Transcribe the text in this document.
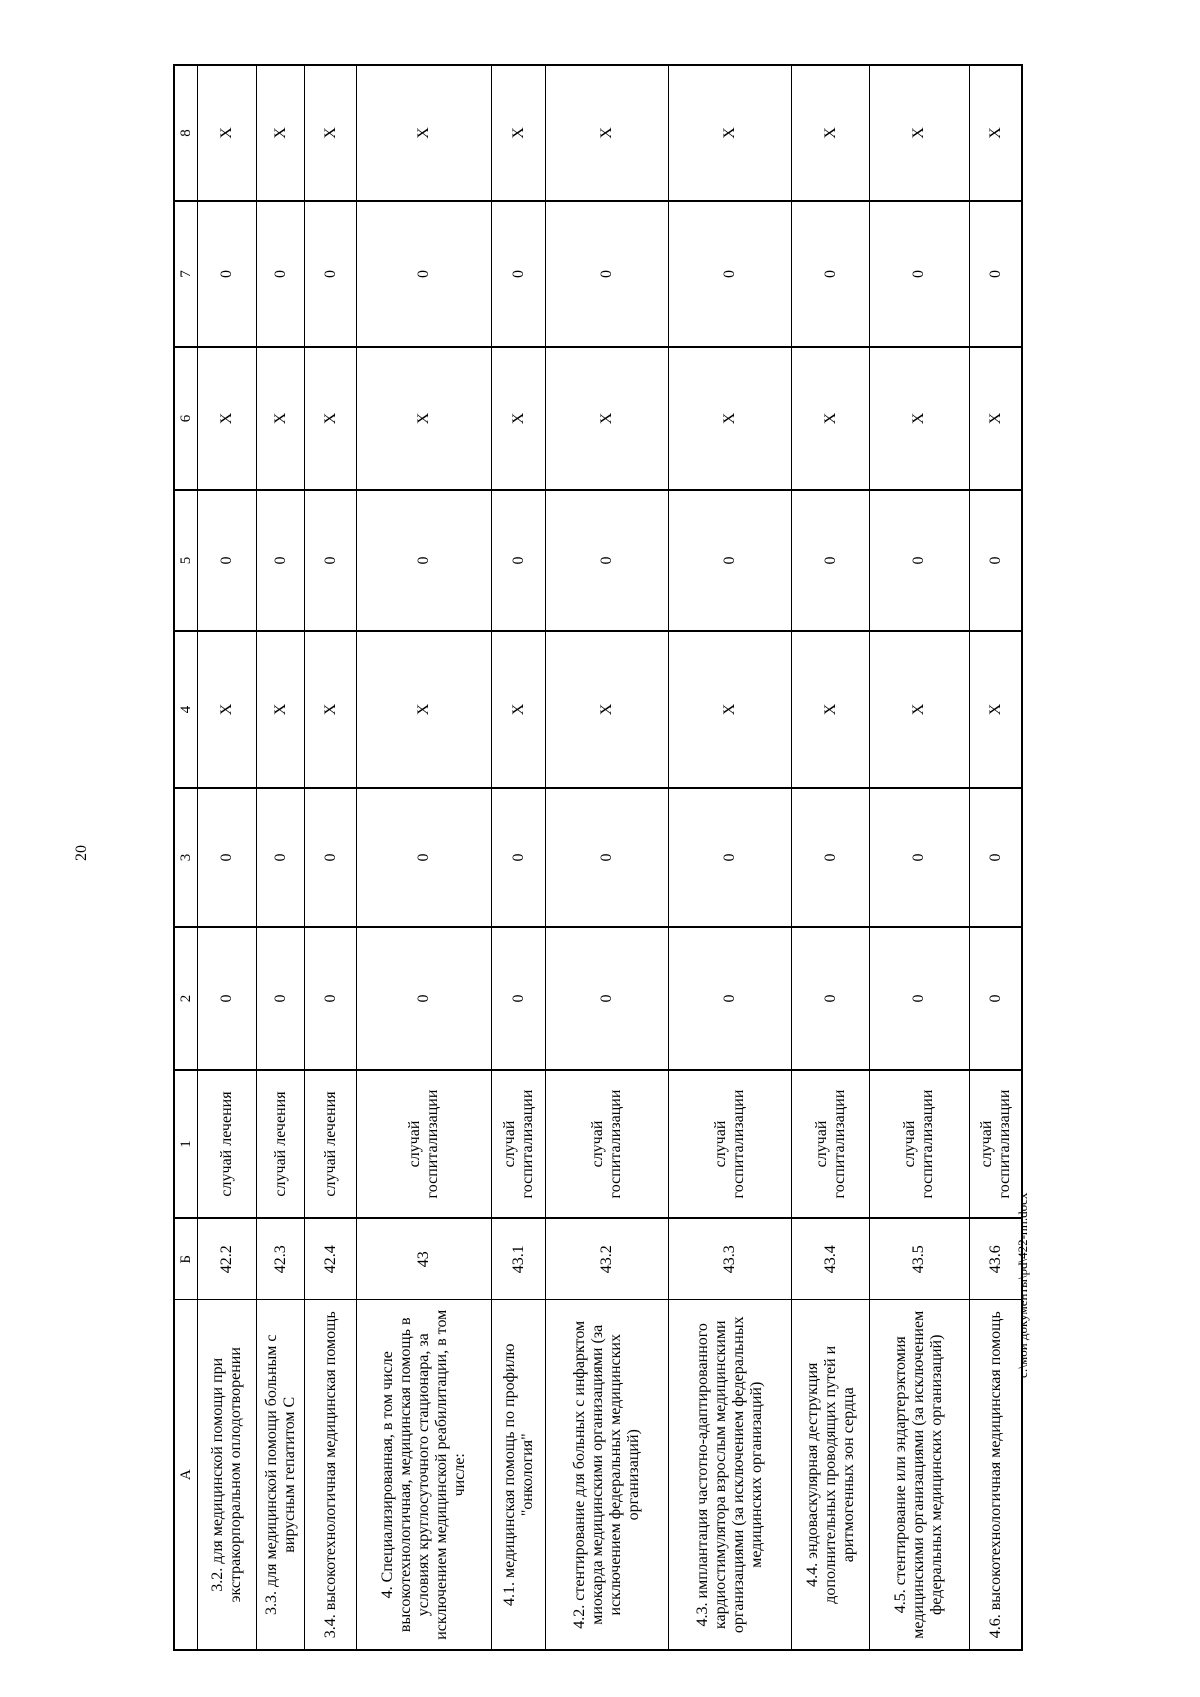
20
А	Б	1	2	3	4	5	6	7	8
3.2. для медицинской помощи при экстракорпоральном оплодотворении	42.2	случай лечения	0	0	Х	0	Х	0	Х
3.3. для медицинской помощи больным с вирусным гепатитом С	42.3	случай лечения	0	0	Х	0	Х	0	Х
3.4. высокотехнологичная медицинская помощь	42.4	случай лечения	0	0	Х	0	Х	0	Х
4. Специализированная, в том числе высокотехнологичная, медицинская помощь в условиях круглосуточного стационара, за исключением медицинской реабилитации, в том числе:	43	случай госпитализации	0	0	Х	0	Х	0	Х
4.1. медицинская помощь по профилю "онкология"	43.1	случай госпитализации	0	0	Х	0	Х	0	Х
4.2. стентирование для больных с инфарктом миокарда медицинскими организациями (за исключением федеральных медицинских организаций)	43.2	случай госпитализации	0	0	Х	0	Х	0	Х
4.3. имплантация частотно-адаптированного кардиостимулятора взрослым медицинскими организациями (за исключением федеральных медицинских организаций)	43.3	случай госпитализации	0	0	Х	0	Х	0	Х
4.4. эндоваскулярная деструкция дополнительных проводящих путей и аритмогенных зон сердца	43.4	случай госпитализации	0	0	Х	0	Х	0	Х
4.5. стентирование или эндартерэктомия медицинскими организациями (за исключением федеральных медицинских организаций)	43.5	случай госпитализации	0	0	Х	0	Х	0	Х
4.6. высокотехнологичная медицинская помощь	43.6	случай госпитализации	0	0	Х	0	Х	0	Х
c:\мои документы\pd\422-пп.docx
